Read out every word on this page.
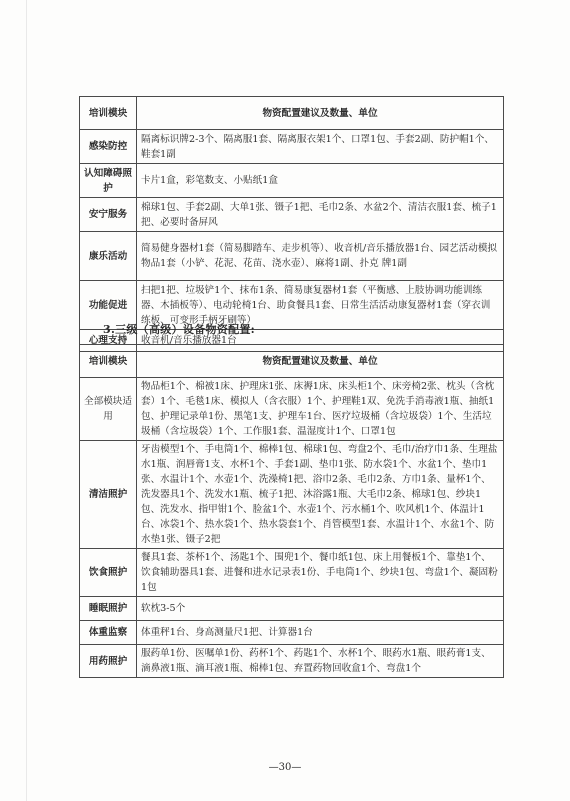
培训模块	物资配置建议及数量、单位
感染防控	隔离标识牌2-3个、隔离服1套、隔离服衣架1个、口罩1包、手套2副、防护帽1个、鞋套1副
认知障碍照护	卡片1盒，彩笔数支、小贴纸1盒
安宁服务	棉球1包、手套2副、大单1张、镊子1把、毛巾2条、水盆2个、清洁衣服1套、梳子1把、必要时备屏风
康乐活动	简易健身器材1套（简易脚踏车、走步机等）、收音机/音乐播放器1台、园艺活动模拟物品1套（小铲、花泥、花苗、浇水壶）、麻将1副、扑克 牌1副
功能促进	扫把1把、垃圾铲1个、抹布1条、简易康复器材1套（平衡感、上肢协调功能训练器、木插板等）、电动轮椅1台、助食餐具1套、日常生活活动康复器材1套（穿衣训练板、可变形手柄牙刷等）
心理支持	收音机/音乐播放器1台
3.三级（高级）设备物资配置:
培训模块	物资配置建议及数量、单位
全部模块适用	物品柜1个、棉被1床、护理床1张、床褥1床、床头柜1个、床旁椅2张、枕头（含枕套）1个、毛毯1床、模拟人（含衣服）1个、护理鞋1双、免洗手消毒液1瓶、抽纸1包、护理记录单1份、黑笔1支、护理车1台、医疗垃圾桶（含垃圾袋）1个、生活垃圾桶（含垃圾袋）1个、工作服1套、温湿度计1个、口罩1包
清洁照护	牙齿模型1个、手电筒1个、棉棒1包、棉球1包、弯盘2个、毛巾/治疗巾1条、生理盐水1瓶、润唇膏1支、水杯1个、手套1副、垫巾1张、防水袋1个、水盆1个、垫巾1张、水温计1个、水壶1个、洗澡椅1把、浴巾2条、毛巾2条、方巾1条、量杯1个、洗发器具1个、洗发水1瓶、梳子1把、沐浴露1瓶、大毛巾2条、棉球1包、纱块1包、洗发水、指甲钳1个、脸盆1个、水壶1个、污水桶1个、吹风机1个、体温计1台、冰袋1个、热水袋1个、热水袋套1个、肖管模型1套、水温计1个、水盆1个、防水垫1张、镊子2把
饮食照护	餐具1套、茶杯1个、汤匙1个、围兜1个、餐巾纸1包、床上用餐板1个、靠垫1个、饮食辅助器具1套、进餐和进水记录表1份、手电筒1个、纱块1包、弯盘1个、凝固粉1包
睡眠照护	软枕3-5个
体重监察	体重秤1台、身高测量尺1把、计算器1台
用药照护	服药单1份、医嘱单1份、药杯1个、药匙1个、水杯1个、眼药水1瓶、眼药膏1支、滴鼻液1瓶、滴耳液1瓶、棉棒1包、弃置药物回收盒1个、弯盘1个
—30—
